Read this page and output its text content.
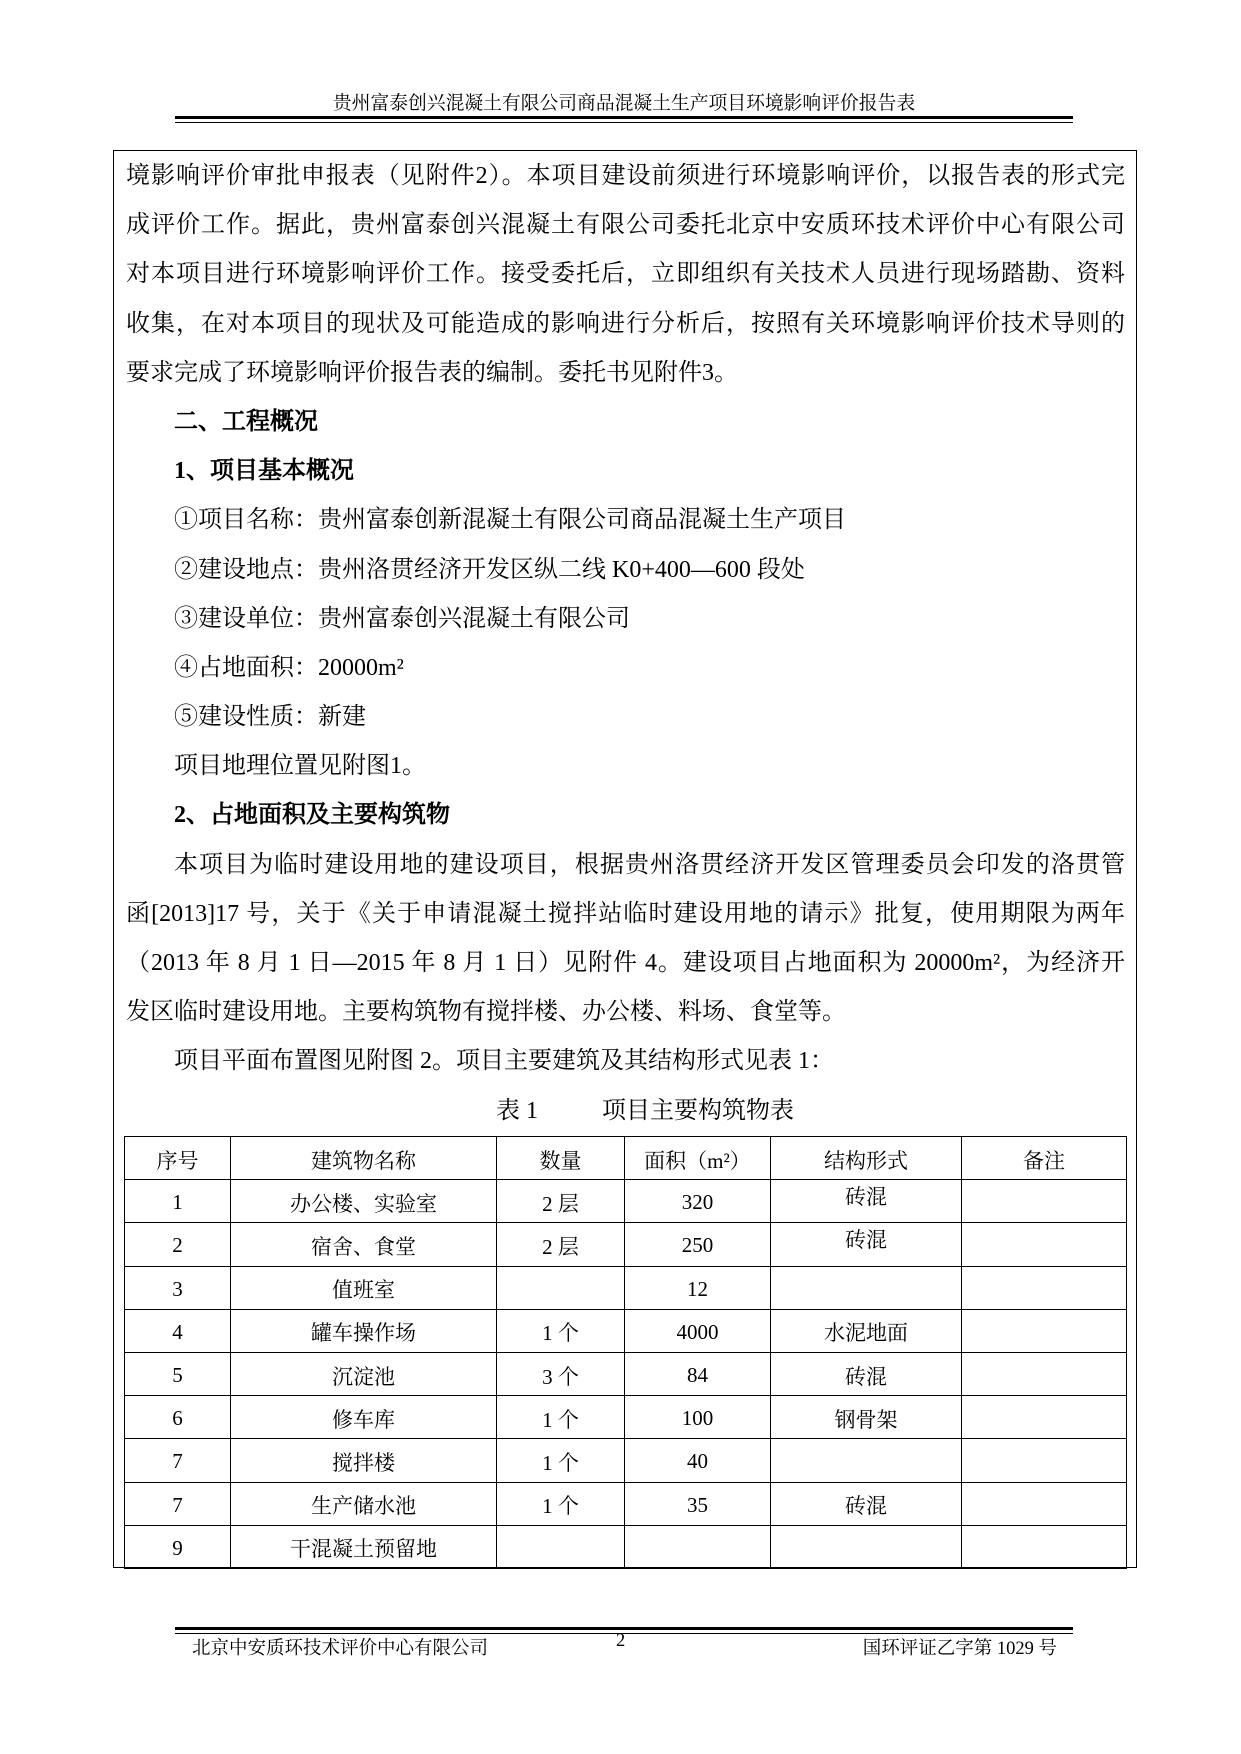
贵州富泰创兴混凝土有限公司商品混凝土生产项目环境影响评价报告表
境影响评价审批申报表（见附件2）。本项目建设前须进行环境影响评价，以报告表的形式完
成评价工作。据此，贵州富泰创兴混凝土有限公司委托北京中安质环技术评价中心有限公司
对本项目进行环境影响评价工作。接受委托后，立即组织有关技术人员进行现场踏勘、资料
收集，在对本项目的现状及可能造成的影响进行分析后，按照有关环境影响评价技术导则的
要求完成了环境影响评价报告表的编制。委托书见附件3。
二、工程概况
1、项目基本概况
①项目名称：贵州富泰创新混凝土有限公司商品混凝土生产项目
②建设地点：贵州洛贯经济开发区纵二线 K0+400—600 段处
③建设单位：贵州富泰创兴混凝土有限公司
④占地面积：20000m²
⑤建设性质：新建
项目地理位置见附图1。
2、占地面积及主要构筑物
本项目为临时建设用地的建设项目，根据贵州洛贯经济开发区管理委员会印发的洛贯管
函[2013]17 号，关于《关于申请混凝土搅拌站临时建设用地的请示》批复，使用期限为两年
（2013 年 8 月 1 日—2015 年 8 月 1 日）见附件 4。建设项目占地面积为 20000m²，为经济开
发区临时建设用地。主要构筑物有搅拌楼、办公楼、料场、食堂等。
项目平面布置图见附图 2。项目主要建筑及其结构形式见表 1：
表 1	项目主要构筑物表
序号	建筑物名称	数量	面积（m²）	结构形式	备注
1	办公楼、实验室	2 层	320	砖混	
2	宿舍、食堂	2 层	250	砖混	
3	值班室		12		
4	罐车操作场	1 个	4000	水泥地面	
5	沉淀池	3 个	84	砖混	
6	修车库	1 个	100	钢骨架	
7	搅拌楼	1 个	40		
7	生产储水池	1 个	35	砖混	
9	干混凝土预留地				
北京中安质环技术评价中心有限公司	2	国环评证乙字第 1029 号
